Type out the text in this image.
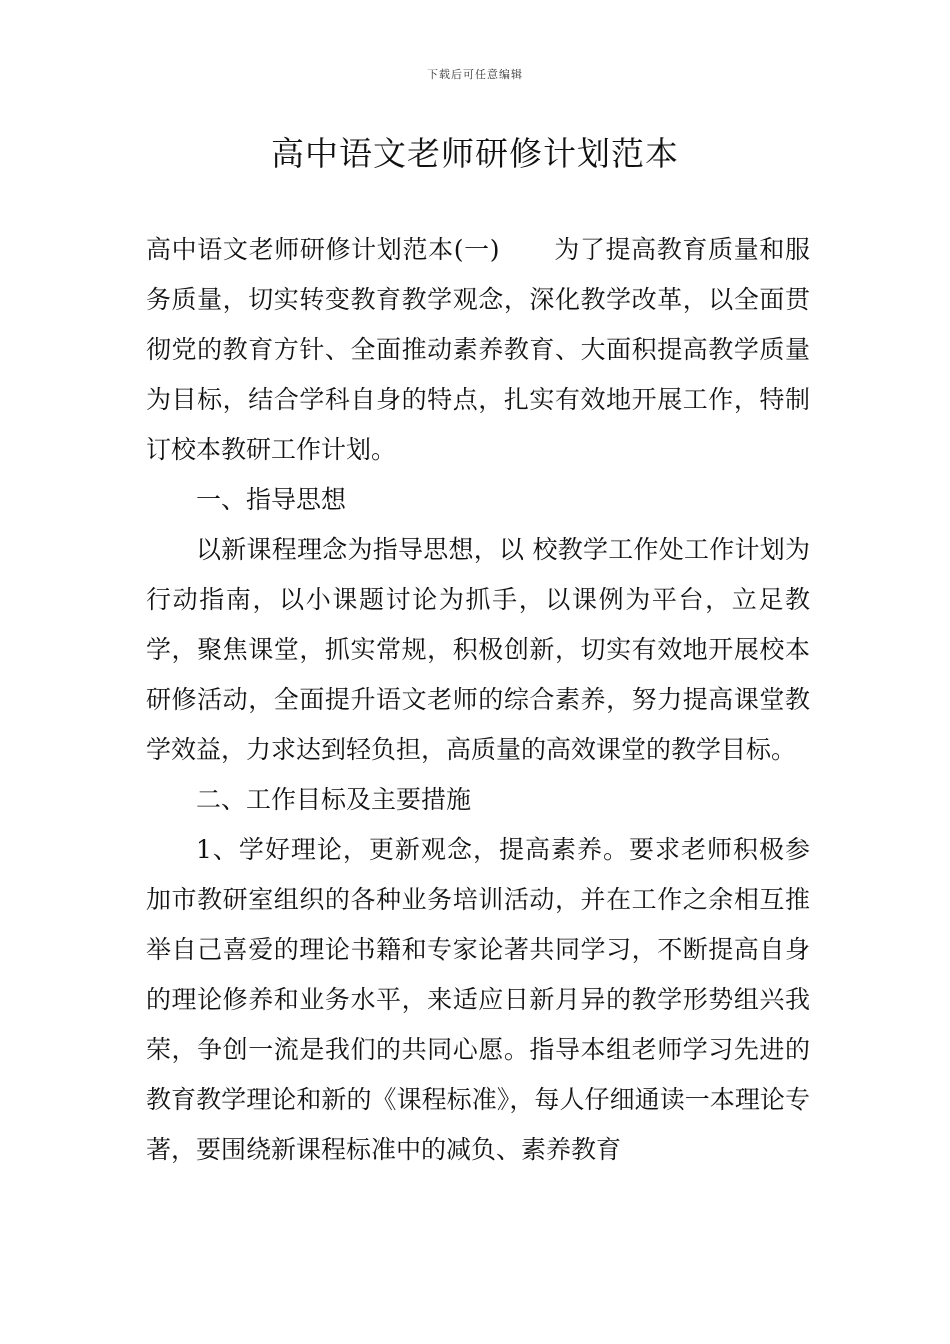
下载后可任意编辑
高中语文老师研修计划范本

高中语文老师研修计划范本(一) 为了提高教育质量和服务质量，切实转变教育教学观念，深化教学改革，以全面贯彻党的教育方针、全面推动素养教育、大面积提高教学质量为目标，结合学科自身的特点，扎实有效地开展工作，特制订校本教研工作计划。

一、指导思想

以新课程理念为指导思想，以 校教学工作处工作计划为行动指南，以小课题讨论为抓手，以课例为平台，立足教学，聚焦课堂，抓实常规，积极创新，切实有效地开展校本研修活动，全面提升语文老师的综合素养，努力提高课堂教学效益，力求达到轻负担，高质量的高效课堂的教学目标。

二、工作目标及主要措施

1、学好理论，更新观念，提高素养。要求老师积极参加市教研室组织的各种业务培训活动，并在工作之余相互推举自己喜爱的理论书籍和专家论著共同学习，不断提高自身的理论修养和业务水平，来适应日新月异的教学形势组兴我荣，争创一流是我们的共同心愿。指导本组老师学习先进的教育教学理论和新的《课程标准》，每人仔细通读一本理论专著，要围绕新课程标准中的减负、素养教育
